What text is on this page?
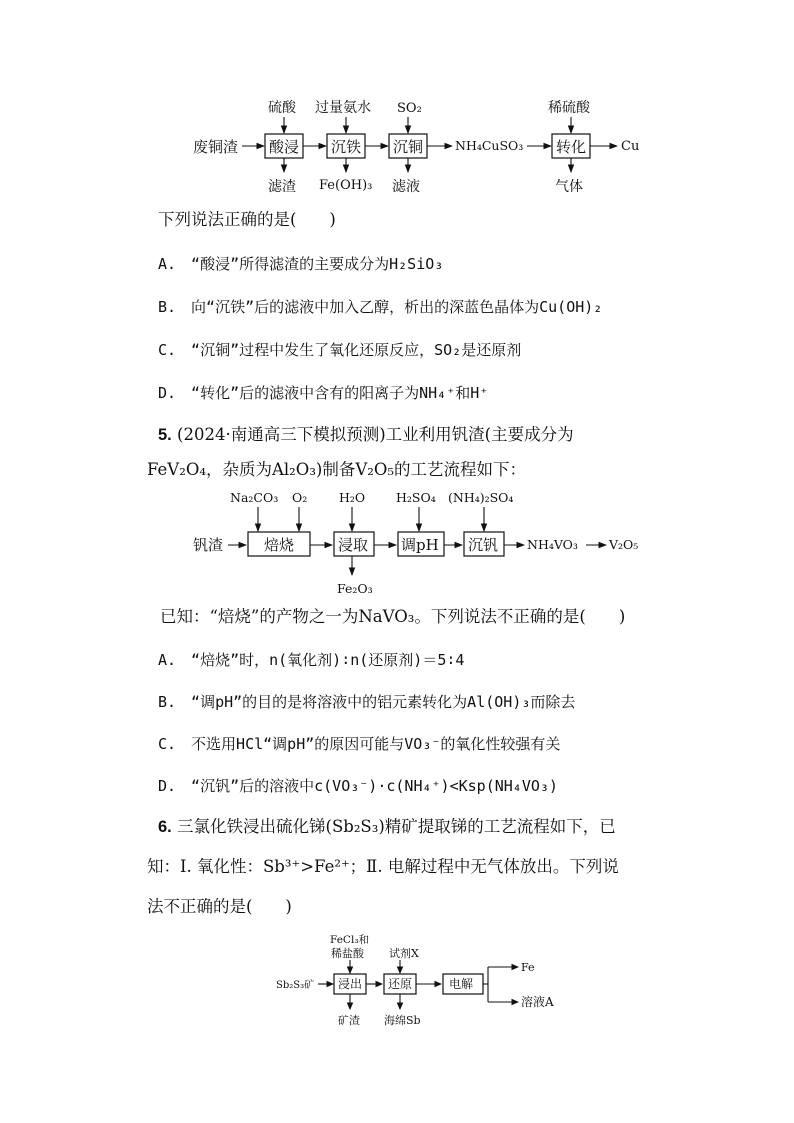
废铜渣 酸浸 沉铁 沉铜	转化
NH₄CuSO₃	Cu
硫酸 过量氨水 SO₂	稀硫酸
滤渣 Fe(OH)₃ 滤液	气体
下列说法正确的是(　　)
A.　“酸浸”所得滤渣的主要成分为H₂SiO₃
B.　向“沉铁”后的滤液中加入乙醇，析出的深蓝色晶体为Cu(OH)₂
C.　“沉铜”过程中发生了氧化还原反应，SO₂是还原剂
D.　“转化”后的滤液中含有的阳离子为NH₄⁺和H⁺
5. (2024·南通高三下模拟预测)工业利用钒渣(主要成分为
FeV₂O₄，杂质为Al₂O₃)制备V₂O₅的工艺流程如下：
钒渣	焙烧	浸取 调pH 沉钒 NH₄VO₃ V₂O₅
Na₂CO₃ O₂	H₂O H₂SO₄ (NH₄)₂SO₄
Fe₂O₃
已知：“焙烧”的产物之一为NaVO₃。下列说法不正确的是(　　)
A.　“焙烧”时，n(氧化剂)∶n(还原剂)＝5∶4
B.　“调pH”的目的是将溶液中的铝元素转化为Al(OH)₃而除去
C.　不选用HCl“调pH”的原因可能与VO₃⁻的氧化性较强有关
D.　“沉钒”后的溶液中c(VO₃⁻)·c(NH₄⁺)<Ksp(NH₄VO₃)
6. 三氯化铁浸出硫化锑(Sb₂S₃)精矿提取锑的工艺流程如下，已
知：Ⅰ. 氧化性：Sb³⁺>Fe²⁺；Ⅱ. 电解过程中无气体放出。下列说
法不正确的是(　　)
Sb₂S₃矿 浸出 还原	电解
Fe
溶液A
FeCl₃和
稀盐酸 试剂X
矿渣 海绵Sb
